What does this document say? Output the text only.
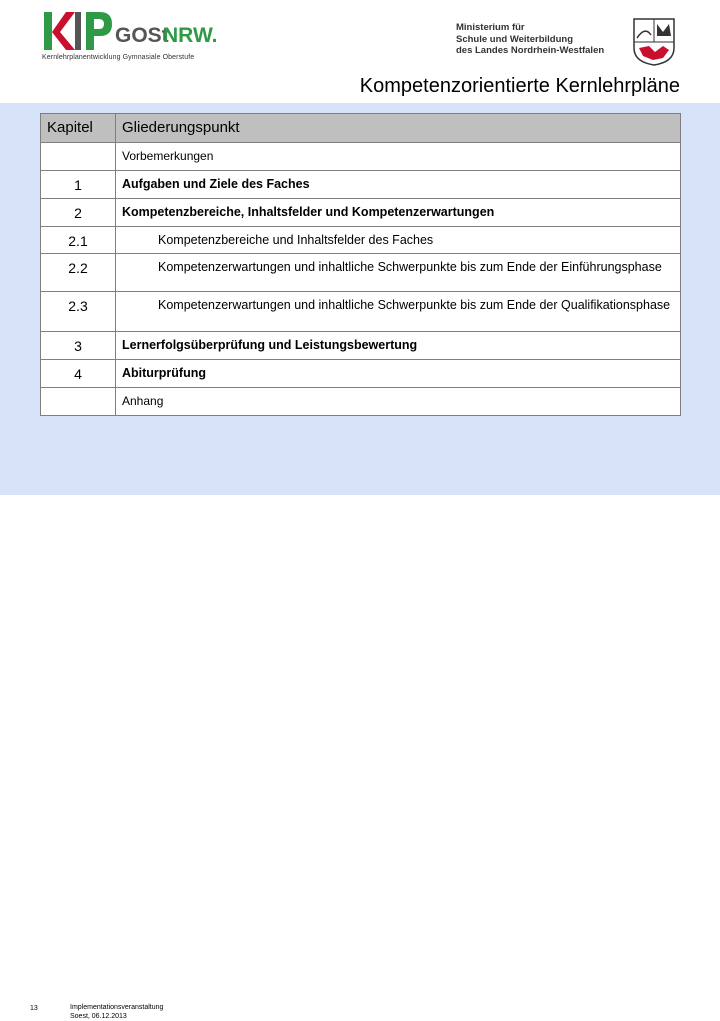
GOSt
NRW.
Kernlehrplanentwicklung Gymnasiale Oberstufe
Ministerium für
Schule und Weiterbildung
des Landes Nordrhein-Westfalen
Kompetenzorientierte Kernlehrpläne
Kapitel	Gliederungspunkt
	Vorbemerkungen
1	Aufgaben und Ziele des Faches
2	Kompetenzbereiche, Inhaltsfelder und Kompetenzerwartungen
2.1	Kompetenzbereiche und Inhaltsfelder des Faches
2.2	Kompetenzerwartungen und inhaltliche Schwerpunkte bis zum Ende der Einführungsphase
2.3	Kompetenzerwartungen und inhaltliche Schwerpunkte bis zum Ende der Qualifikationsphase
3	Lernerfolgsüberprüfung und Leistungsbewertung
4	Abiturprüfung
	Anhang
13	Implementationsveranstaltung
Soest, 06.12.2013
